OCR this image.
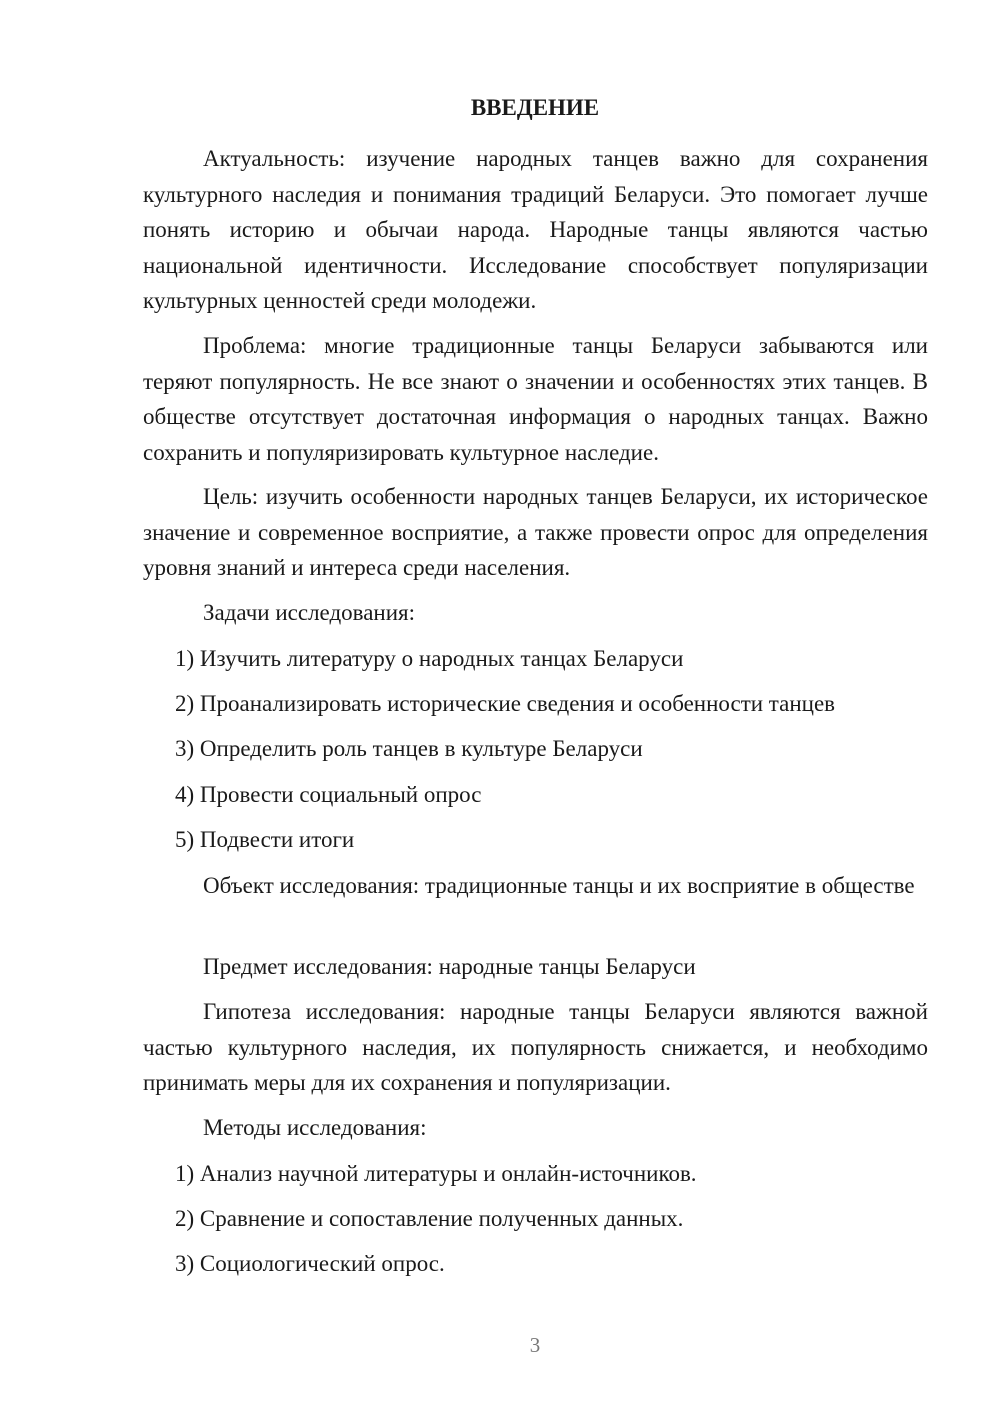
ВВЕДЕНИЕ

Актуальность: изучение народных танцев важно для сохранения культурного наследия и понимания традиций Беларуси. Это помогает лучше понять историю и обычаи народа. Народные танцы являются частью национальной идентичности. Исследование способствует популяризации культурных ценностей среди молодежи.

Проблема: многие традиционные танцы Беларуси забываются или теряют популярность. Не все знают о значении и особенностях этих танцев. В обществе отсутствует достаточная информация о народных танцах. Важно сохранить и популяризировать культурное наследие.

Цель: изучить особенности народных танцев Беларуси, их историческое значение и современное восприятие, а также провести опрос для определения уровня знаний и интереса среди населения.

Задачи исследования:

1) Изучить литературу о народных танцах Беларуси

2) Проанализировать исторические сведения и особенности танцев

3) Определить роль танцев в культуре Беларуси

4) Провести социальный опрос

5) Подвести итоги

Объект исследования: традиционные танцы и их восприятие в обществе

Предмет исследования: народные танцы Беларуси

Гипотеза исследования: народные танцы Беларуси являются важной частью культурного наследия, их популярность снижается, и необходимо принимать меры для их сохранения и популяризации.

Методы исследования:

1) Анализ научной литературы и онлайн-источников.

2) Сравнение и сопоставление полученных данных.

3) Социологический опрос.

3
